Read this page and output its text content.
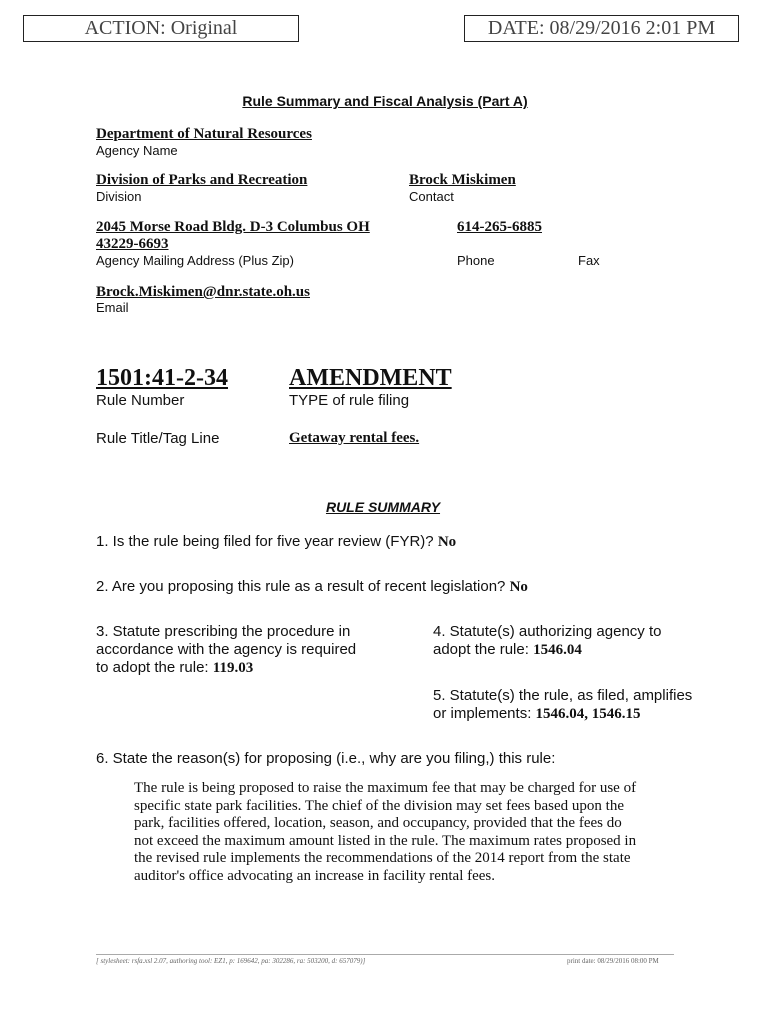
ACTION: Original	DATE: 08/29/2016 2:01 PM
Rule Summary and Fiscal Analysis (Part A)
Department of Natural Resources
Agency Name
Division of Parks and Recreation
Division
Brock Miskimen
Contact
2045 Morse Road Bldg. D-3 Columbus OH
43229-6693
Agency Mailing Address (Plus Zip)
614-265-6885
Phone	Fax
Brock.Miskimen@dnr.state.oh.us
Email
1501:41-2-34
Rule Number
AMENDMENT
TYPE of rule filing
Rule Title/Tag Line	Getaway rental fees.
RULE SUMMARY
1. Is the rule being filed for five year review (FYR)? No
2. Are you proposing this rule as a result of recent legislation? No
3. Statute prescribing the procedure in
accordance with the agency is required
to adopt the rule: 119.03
4. Statute(s) authorizing agency to
adopt the rule: 1546.04
5. Statute(s) the rule, as filed, amplifies
or implements: 1546.04, 1546.15
6. State the reason(s) for proposing (i.e., why are you filing,) this rule:
The rule is being proposed to raise the maximum fee that may be charged for use of
specific state park facilities. The chief of the division may set fees based upon the
park, facilities offered, location, season, and occupancy, provided that the fees do
not exceed the maximum amount listed in the rule. The maximum rates proposed in
the revised rule implements the recommendations of the 2014 report from the state
auditor's office advocating an increase in facility rental fees.
[ stylesheet: rsfa.xsl 2.07, authoring tool: EZ1, p: 169642, pa: 302286, ra: 503200, d: 657079)]	print date: 08/29/2016 08:00 PM
